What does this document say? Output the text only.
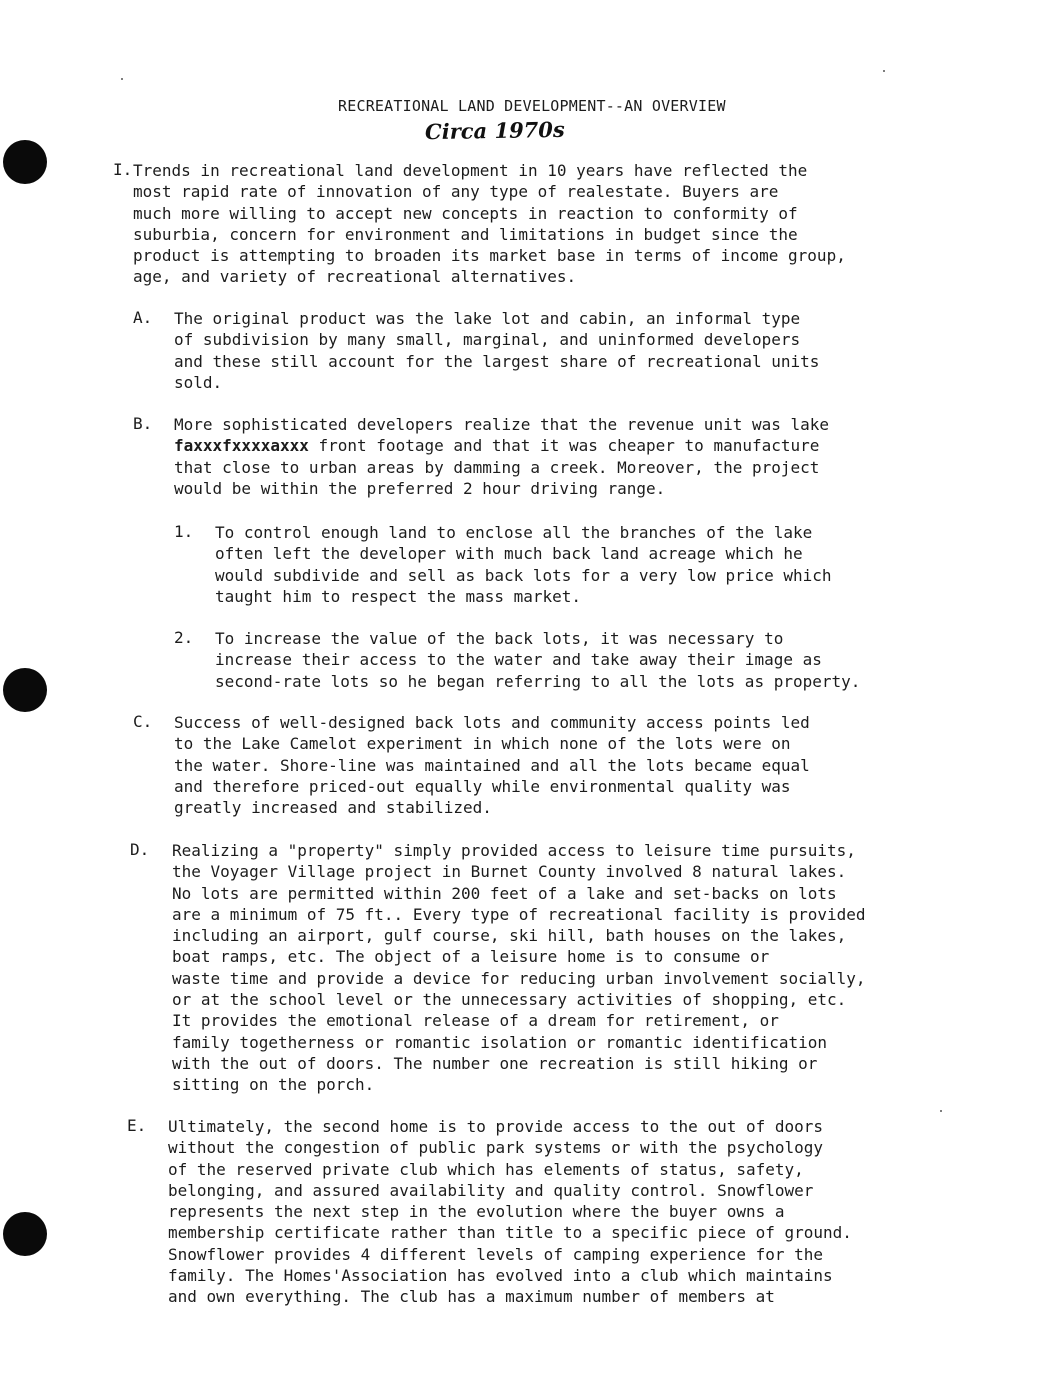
RECREATIONAL LAND DEVELOPMENT--AN OVERVIEW
Circa 1970s
I. Trends in recreational land development in 10 years have reflected the
most rapid rate of innovation of any type of realestate. Buyers are
much more willing to accept new concepts in reaction to conformity of
suburbia, concern for environment and limitations in budget since the
product is attempting to broaden its market base in terms of income group,
age, and variety of recreational alternatives.
A. The original product was the lake lot and cabin, an informal type
of subdivision by many small, marginal, and uninformed developers
and these still account for the largest share of recreational units
sold.
B. More sophisticated developers realize that the revenue unit was lake
faxxxfxxxxaxxx front footage and that it was cheaper to manufacture
that close to urban areas by damming a creek. Moreover, the project
would be within the preferred 2 hour driving range.
1. To control enough land to enclose all the branches of the lake
often left the developer with much back land acreage which he
would subdivide and sell as back lots for a very low price which
taught him to respect the mass market.
2. To increase the value of the back lots, it was necessary to
increase their access to the water and take away their image as
second-rate lots so he began referring to all the lots as property.
C. Success of well-designed back lots and community access points led
to the Lake Camelot experiment in which none of the lots were on
the water. Shore-line was maintained and all the lots became equal
and therefore priced-out equally while environmental quality was
greatly increased and stabilized.
D. Realizing a "property" simply provided access to leisure time pursuits,
the Voyager Village project in Burnet County involved 8 natural lakes.
No lots are permitted within 200 feet of a lake and set-backs on lots
are a minimum of 75 ft.. Every type of recreational facility is provided
including an airport, gulf course, ski hill, bath houses on the lakes,
boat ramps, etc. The object of a leisure home is to consume or
waste time and provide a device for reducing urban involvement socially,
or at the school level or the unnecessary activities of shopping, etc.
It provides the emotional release of a dream for retirement, or
family togetherness or romantic isolation or romantic identification
with the out of doors. The number one recreation is still hiking or
sitting on the porch.
E. Ultimately, the second home is to provide access to the out of doors
without the congestion of public park systems or with the psychology
of the reserved private club which has elements of status, safety,
belonging, and assured availability and quality control. Snowflower
represents the next step in the evolution where the buyer owns a
membership certificate rather than title to a specific piece of ground.
Snowflower provides 4 different levels of camping experience for the
family. The Homes'Association has evolved into a club which maintains
and own everything. The club has a maximum number of members at
